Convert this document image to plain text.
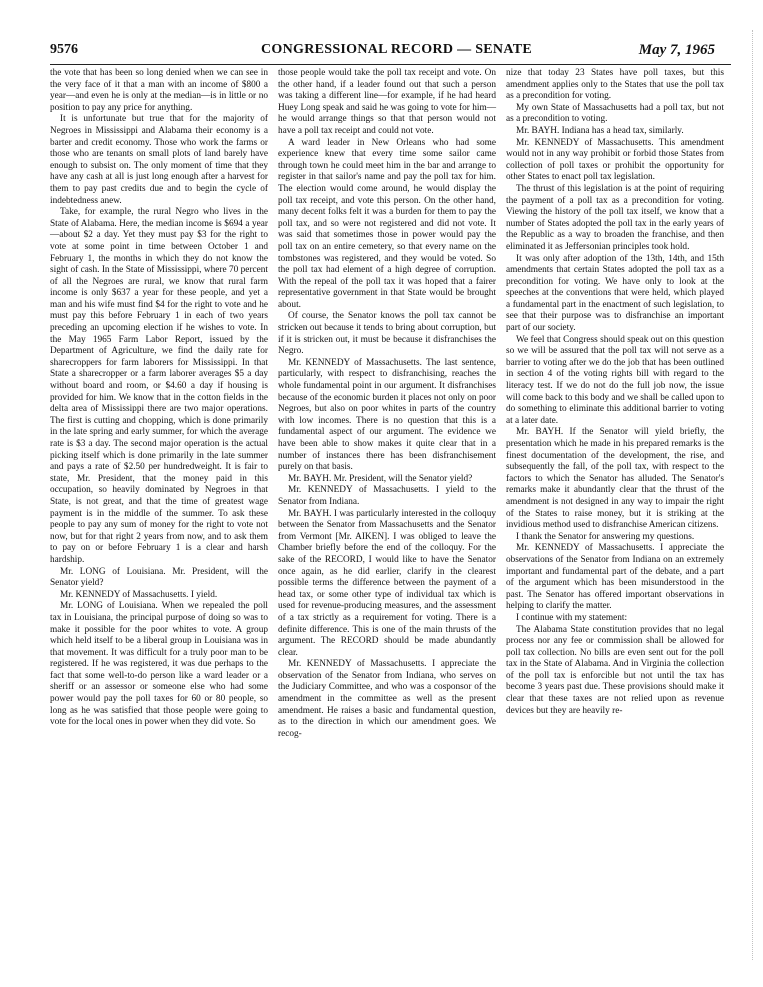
9576	CONGRESSIONAL RECORD — SENATE	May 7, 1965

the vote that has been so long denied when we can see in the very face of it that a man with an income of $800 a year—and even he is only at the median—is in little or no position to pay any price for anything.

It is unfortunate but true that for the majority of Negroes in Mississippi and Alabama their economy is a barter and credit economy. Those who work the farms or those who are tenants on small plots of land barely have enough to subsist on. The only moment of time that they have any cash at all is just long enough after a harvest for them to pay past credits due and to begin the cycle of indebtedness anew.

Take, for example, the rural Negro who lives in the State of Alabama. Here, the median income is $694 a year—about $2 a day. Yet they must pay $3 for the right to vote at some point in time between October 1 and February 1, the months in which they do not know the sight of cash. In the State of Mississippi, where 70 percent of all the Negroes are rural, we know that rural farm income is only $637 a year for these people, and yet a man and his wife must find $4 for the right to vote and he must pay this before February 1 in each of two years preceding an upcoming election if he wishes to vote. In the May 1965 Farm Labor Report, issued by the Department of Agriculture, we find the daily rate for sharecroppers for farm laborers for Mississippi. In that State a sharecropper or a farm laborer averages $5 a day without board and room, or $4.60 a day if housing is provided for him. We know that in the cotton fields in the delta area of Mississippi there are two major operations. The first is cutting and chopping, which is done primarily in the late spring and early summer, for which the average rate is $3 a day. The second major operation is the actual picking itself which is done primarily in the late summer and pays a rate of $2.50 per hundredweight. It is fair to state, Mr. President, that the money paid in this occupation, so heavily dominated by Negroes in that State, is not great, and that the time of greatest wage payment is in the middle of the summer. To ask these people to pay any sum of money for the right to vote not now, but for that right 2 years from now, and to ask them to pay on or before February 1 is a clear and harsh hardship.

Mr. LONG of Louisiana. Mr. President, will the Senator yield?

Mr. KENNEDY of Massachusetts. I yield.

Mr. LONG of Louisiana. When we repealed the poll tax in Louisiana, the principal purpose of doing so was to make it possible for the poor whites to vote. A group which held itself to be a liberal group in Louisiana was in that movement. It was difficult for a truly poor man to be registered. If he was registered, it was due perhaps to the fact that some well-to-do person like a ward leader or a sheriff or an assessor or someone else who had some power would pay the poll taxes for 60 or 80 people, so long as he was satisfied that those people were going to vote for the local ones in power when they did vote. So

those people would take the poll tax receipt and vote. On the other hand, if a leader found out that such a person was taking a different line—for example, if he had heard Huey Long speak and said he was going to vote for him—he would arrange things so that that person would not have a poll tax receipt and could not vote.

A ward leader in New Orleans who had some experience knew that every time some sailor came through town he could meet him in the bar and arrange to register in that sailor's name and pay the poll tax for him. The election would come around, he would display the poll tax receipt, and vote this person. On the other hand, many decent folks felt it was a burden for them to pay the poll tax, and so were not registered and did not vote. It was said that sometimes those in power would pay the poll tax on an entire cemetery, so that every name on the tombstones was registered, and they would be voted. So the poll tax had element of a high degree of corruption. With the repeal of the poll tax it was hoped that a fairer representative government in that State would be brought about.

Of course, the Senator knows the poll tax cannot be stricken out because it tends to bring about corruption, but if it is stricken out, it must be because it disfranchises the Negro.

Mr. KENNEDY of Massachusetts. The last sentence, particularly, with respect to disfranchising, reaches the whole fundamental point in our argument. It disfranchises because of the economic burden it places not only on poor Negroes, but also on poor whites in parts of the country with low incomes. There is no question that this is a fundamental aspect of our argument. The evidence we have been able to show makes it quite clear that in a number of instances there has been disfranchisement purely on that basis.

Mr. BAYH. Mr. President, will the Senator yield?

Mr. KENNEDY of Massachusetts. I yield to the Senator from Indiana.

Mr. BAYH. I was particularly interested in the colloquy between the Senator from Massachusetts and the Senator from Vermont [Mr. AIKEN]. I was obliged to leave the Chamber briefly before the end of the colloquy. For the sake of the RECORD, I would like to have the Senator once again, as he did earlier, clarify in the clearest possible terms the difference between the payment of a head tax, or some other type of individual tax which is used for revenue-producing measures, and the assessment of a tax strictly as a requirement for voting. There is a definite difference. This is one of the main thrusts of the argument. The RECORD should be made abundantly clear.

Mr. KENNEDY of Massachusetts. I appreciate the observation of the Senator from Indiana, who serves on the Judiciary Committee, and who was a cosponsor of the amendment in the committee as well as the present amendment. He raises a basic and fundamental question, as to the direction in which our amendment goes. We recog-

nize that today 23 States have poll taxes, but this amendment applies only to the States that use the poll tax as a precondition for voting.

My own State of Massachusetts had a poll tax, but not as a precondition to voting.

Mr. BAYH. Indiana has a head tax, similarly.

Mr. KENNEDY of Massachusetts. This amendment would not in any way prohibit or forbid those States from collection of poll taxes or prohibit the opportunity for other States to enact poll tax legislation.

The thrust of this legislation is at the point of requiring the payment of a poll tax as a precondition for voting. Viewing the history of the poll tax itself, we know that a number of States adopted the poll tax in the early years of the Republic as a way to broaden the franchise, and then eliminated it as Jeffersonian principles took hold.

It was only after adoption of the 13th, 14th, and 15th amendments that certain States adopted the poll tax as a precondition for voting. We have only to look at the speeches at the conventions that were held, which played a fundamental part in the enactment of such legislation, to see that their purpose was to disfranchise an important part of our society.

We feel that Congress should speak out on this question so we will be assured that the poll tax will not serve as a barrier to voting after we do the job that has been outlined in section 4 of the voting rights bill with regard to the literacy test. If we do not do the full job now, the issue will come back to this body and we shall be called upon to do something to eliminate this additional barrier to voting at a later date.

Mr. BAYH. If the Senator will yield briefly, the presentation which he made in his prepared remarks is the finest documentation of the development, the rise, and subsequently the fall, of the poll tax, with respect to the factors to which the Senator has alluded. The Senator's remarks make it abundantly clear that the thrust of the amendment is not designed in any way to impair the right of the States to raise money, but it is striking at the invidious method used to disfranchise American citizens.

I thank the Senator for answering my questions.

Mr. KENNEDY of Massachusetts. I appreciate the observations of the Senator from Indiana on an extremely important and fundamental part of the debate, and a part of the argument which has been misunderstood in the past. The Senator has offered important observations in helping to clarify the matter.

I continue with my statement:

The Alabama State constitution provides that no legal process nor any fee or commission shall be allowed for poll tax collection. No bills are even sent out for the poll tax in the State of Alabama. And in Virginia the collection of the poll tax is enforcible but not until the tax has become 3 years past due. These provisions should make it clear that these taxes are not relied upon as revenue devices but they are heavily re-
